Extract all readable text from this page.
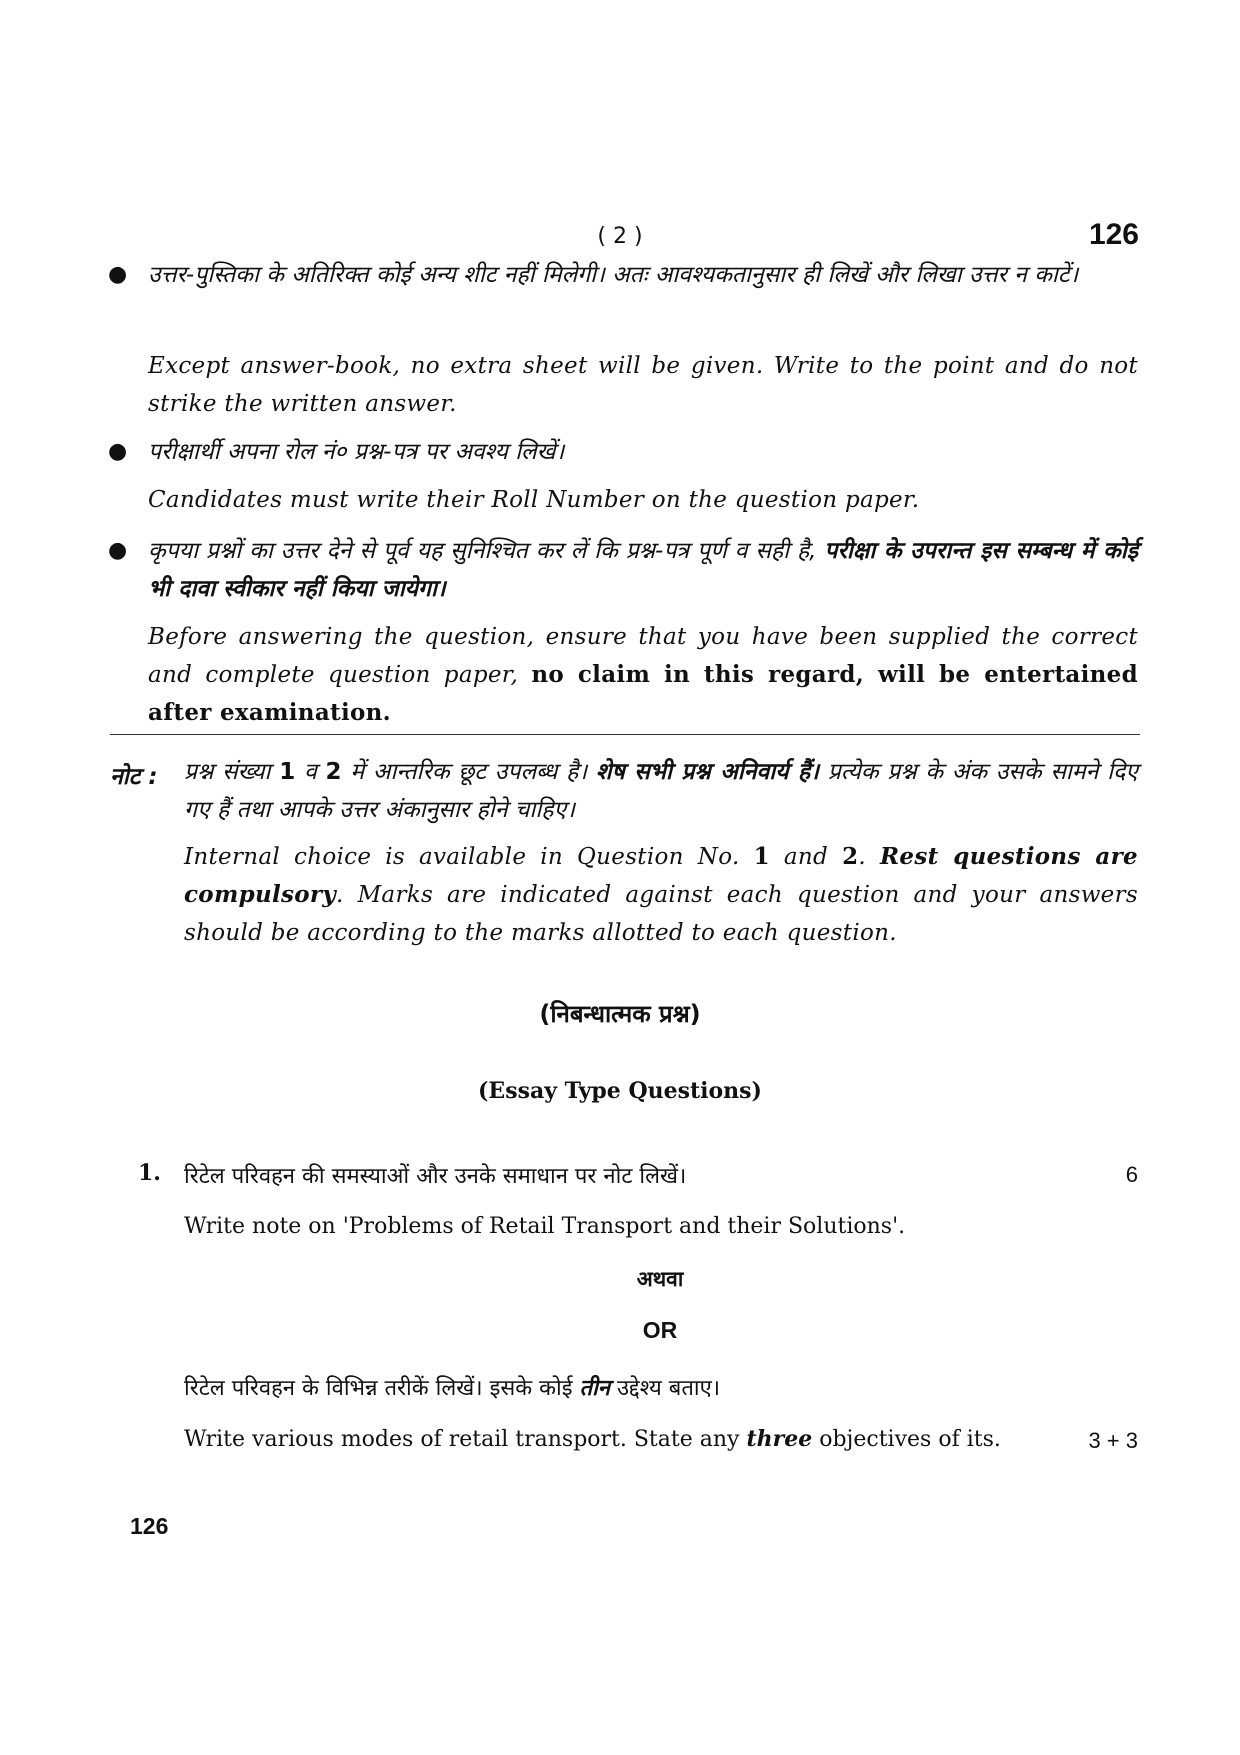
( 2 )	126
● उत्तर-पुस्तिका के अतिरिक्त कोई अन्य शीट नहीं मिलेगी। अतः आवश्यकतानुसार ही लिखें और लिखा उत्तर न काटें।
Except answer-book, no extra sheet will be given. Write to the point and do not strike the written answer.
● परीक्षार्थी अपना रोल नं० प्रश्न-पत्र पर अवश्य लिखें।
Candidates must write their Roll Number on the question paper.
● कृपया प्रश्नों का उत्तर देने से पूर्व यह सुनिश्चित कर लें कि प्रश्न-पत्र पूर्ण व सही है, परीक्षा के उपरान्त इस सम्बन्ध में कोई भी दावा स्वीकार नहीं किया जायेगा।
Before answering the question, ensure that you have been supplied the correct and complete question paper, no claim in this regard, will be entertained after examination.
नोट : प्रश्न संख्या 1 व 2 में आन्तरिक छूट उपलब्ध है। शेष सभी प्रश्न अनिवार्य हैं। प्रत्येक प्रश्न के अंक उसके सामने दिए गए हैं तथा आपके उत्तर अंकानुसार होने चाहिए।
Internal choice is available in Question No. 1 and 2. Rest questions are compulsory. Marks are indicated against each question and your answers should be according to the marks allotted to each question.
(निबन्धात्मक प्रश्न)
(Essay Type Questions)
1. रिटेल परिवहन की समस्याओं और उनके समाधान पर नोट लिखें।	6
Write note on 'Problems of Retail Transport and their Solutions'.
अथवा
OR
रिटेल परिवहन के विभिन्न तरीकें लिखें। इसके कोई तीन उद्देश्य बताए।
Write various modes of retail transport. State any three objectives of its.	3 + 3
126
